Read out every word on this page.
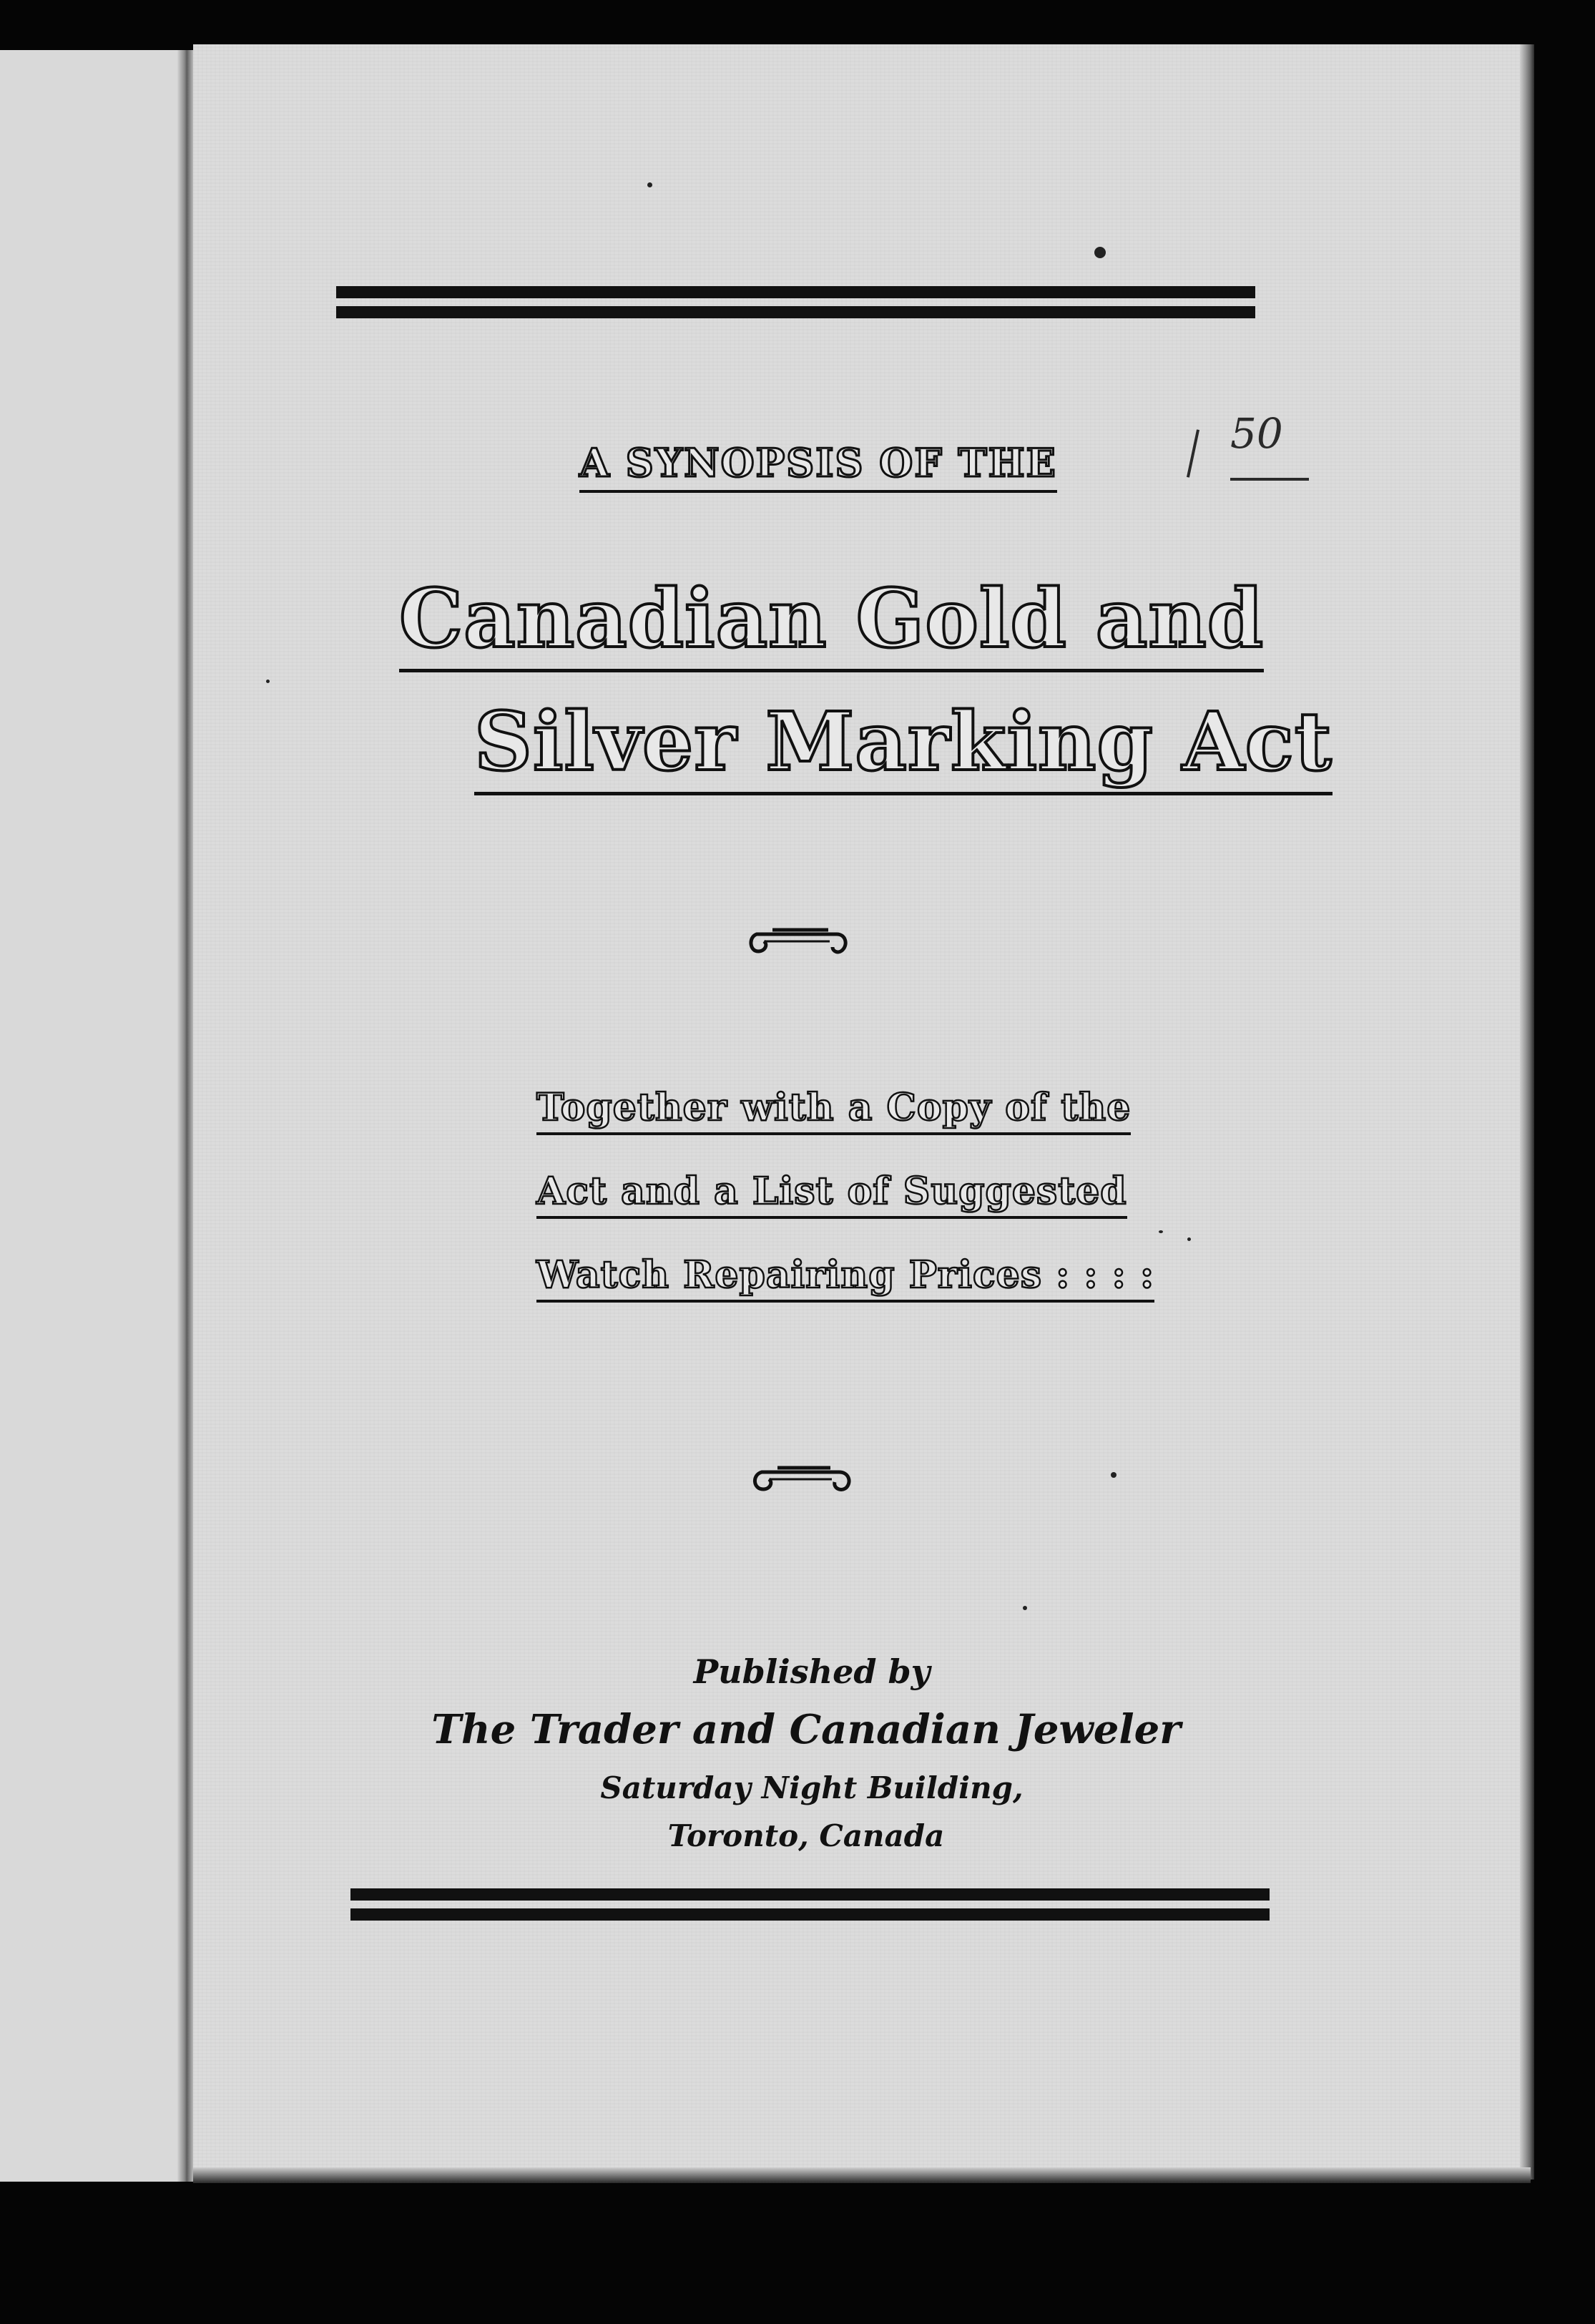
50
A SYNOPSIS OF THE
Canadian Gold and
Silver Marking Act
Together with a Copy of the
Act and a List of Suggested
Watch Repairing Prices : : : :
Published by
The Trader and Canadian Jeweler
Saturday Night Building,
Toronto, Canada
